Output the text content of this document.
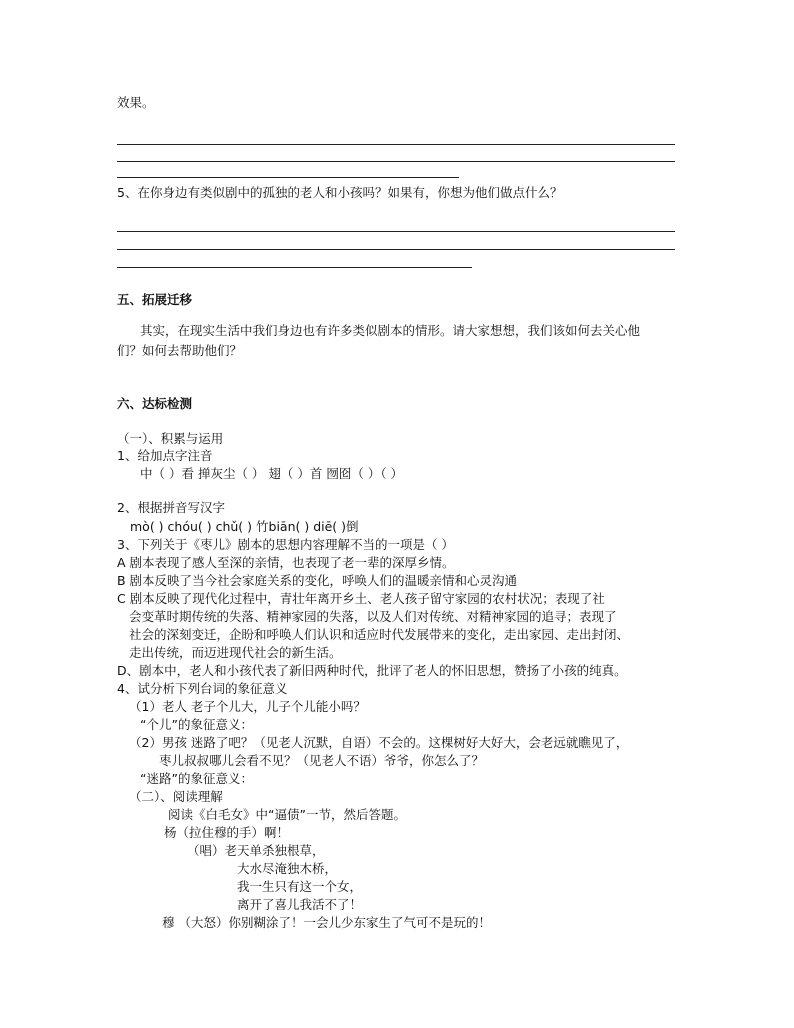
效果。
5、在你身边有类似剧中的孤独的老人和小孩吗？如果有，你想为他们做点什么？
五、拓展迁移
其实，在现实生活中我们身边也有许多类似剧本的情形。请大家想想，我们该如何去关心他
们？如何去帮助他们？
六、达标检测
（一）、积累与运用
1、给加点字注音
中（ ）看 掸灰尘（ ） 翅（ ）首 囫囵（ ）（ ）
2、根据拼音写汉字
mò( ) chóu( ) chǔ( ) 竹biān( ) diē( )倒
3、下列关于《枣儿》剧本的思想内容理解不当的一项是（ ）
A 剧本表现了感人至深的亲情，也表现了老一辈的深厚乡情。
B 剧本反映了当今社会家庭关系的变化，呼唤人们的温暖亲情和心灵沟通
C 剧本反映了现代化过程中，青壮年离开乡土、老人孩子留守家园的农村状况；表现了社
会变革时期传统的失落、精神家园的失落，以及人们对传统、对精神家园的追寻；表现了
社会的深刻变迁，企盼和呼唤人们认识和适应时代发展带来的变化，走出家园、走出封闭、
走出传统，而迈进现代社会的新生活。
D、剧本中，老人和小孩代表了新旧两种时代，批评了老人的怀旧思想，赞扬了小孩的纯真。
4、试分析下列台词的象征意义
（1）老人 老子个儿大，儿子个儿能小吗？
“个儿”的象征意义：
（2）男孩 迷路了吧？（见老人沉默，自语）不会的。这棵树好大好大，会老远就瞧见了，
枣儿叔叔哪儿会看不见？（见老人不语）爷爷，你怎么了？
“迷路”的象征意义：
（二）、阅读理解
阅读《白毛女》中“逼债”一节，然后答题。
杨（拉住穆的手）啊！
（唱）老天单杀独根草，
大水尽淹独木桥，
我一生只有这一个女，
离开了喜儿我活不了！
穆 （大怒）你别糊涂了！一会儿少东家生了气可不是玩的！
